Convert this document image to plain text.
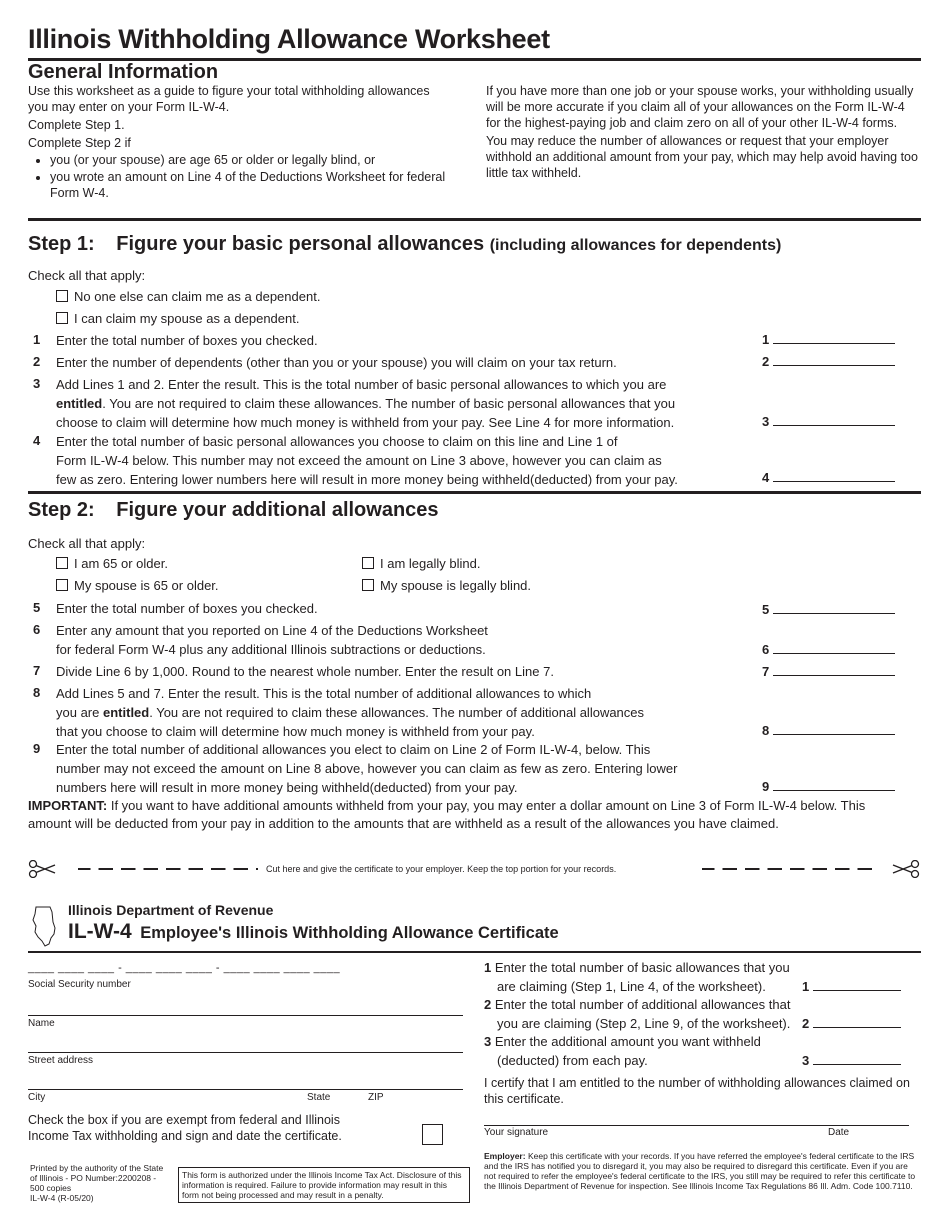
Illinois Withholding Allowance Worksheet
General Information
Use this worksheet as a guide to figure your total withholding allowances you may enter on your Form IL-W-4.
Complete Step 1.
Complete Step 2 if
• you (or your spouse) are age 65 or older or legally blind, or
• you wrote an amount on Line 4 of the Deductions Worksheet for federal Form W-4.
If you have more than one job or your spouse works, your withholding usually will be more accurate if you claim all of your allowances on the Form IL-W-4 for the highest-paying job and claim zero on all of your other IL-W-4 forms.
You may reduce the number of allowances or request that your employer withhold an additional amount from your pay, which may help avoid having too little tax withheld.
Step 1: Figure your basic personal allowances (including allowances for dependents)
Check all that apply:
No one else can claim me as a dependent.
I can claim my spouse as a dependent.
1 Enter the total number of boxes you checked.	1
2 Enter the number of dependents (other than you or your spouse) you will claim on your tax return.	2
3 Add Lines 1 and 2. Enter the result. This is the total number of basic personal allowances to which you are
entitled. You are not required to claim these allowances. The number of basic personal allowances that you
choose to claim will determine how much money is withheld from your pay. See Line 4 for more information.	3
4 Enter the total number of basic personal allowances you choose to claim on this line and Line 1 of
Form IL-W-4 below. This number may not exceed the amount on Line 3 above, however you can claim as
few as zero. Entering lower numbers here will result in more money being withheld(deducted) from your pay.	4
Step 2: Figure your additional allowances
Check all that apply:
I am 65 or older.	I am legally blind.
My spouse is 65 or older.	My spouse is legally blind.
5 Enter the total number of boxes you checked.	5
6 Enter any amount that you reported on Line 4 of the Deductions Worksheet
for federal Form W-4 plus any additional Illinois subtractions or deductions.	6
7 Divide Line 6 by 1,000. Round to the nearest whole number. Enter the result on Line 7.	7
8 Add Lines 5 and 7. Enter the result. This is the total number of additional allowances to which
you are entitled. You are not required to claim these allowances. The number of additional allowances
that you choose to claim will determine how much money is withheld from your pay.	8
9 Enter the total number of additional allowances you elect to claim on Line 2 of Form IL-W-4, below. This
number may not exceed the amount on Line 8 above, however you can claim as few as zero. Entering lower
numbers here will result in more money being withheld(deducted) from your pay.	9
IMPORTANT: If you want to have additional amounts withheld from your pay, you may enter a dollar amount on Line 3 of Form IL-W-4 below. This amount will be deducted from your pay in addition to the amounts that are withheld as a result of the allowances you have claimed.
Cut here and give the certificate to your employer. Keep the top portion for your records.
Illinois Department of Revenue
IL-W-4 Employee's Illinois Withholding Allowance Certificate
____ ____ ____ - ____ ____ ____ - ____ ____ ____ ____
Social Security number
Name
Street address
City	State	ZIP
Check the box if you are exempt from federal and Illinois Income Tax withholding and sign and date the certificate.
Printed by the authority of the State of Illinois - PO Number:2200208 - 500 copies
IL-W-4 (R-05/20)
This form is authorized under the Illinois Income Tax Act. Disclosure of this information is required. Failure to provide information may result in this form not being processed and may result in a penalty.
1 Enter the total number of basic allowances that you
are claiming (Step 1, Line 4, of the worksheet).	1
2 Enter the total number of additional allowances that
you are claiming (Step 2, Line 9, of the worksheet). 2
3 Enter the additional amount you want withheld
(deducted) from each pay.	3
I certify that I am entitled to the number of withholding allowances claimed on this certificate.
Your signature	Date
Employer: Keep this certificate with your records. If you have referred the employee's federal certificate to the IRS and the IRS has notified you to disregard it, you may also be required to disregard this certificate. Even if you are not required to refer the employee's federal certificate to the IRS, you still may be required to refer this certificate to the Illinois Department of Revenue for inspection. See Illinois Income Tax Regulations 86 Ill. Adm. Code 100.7110.
